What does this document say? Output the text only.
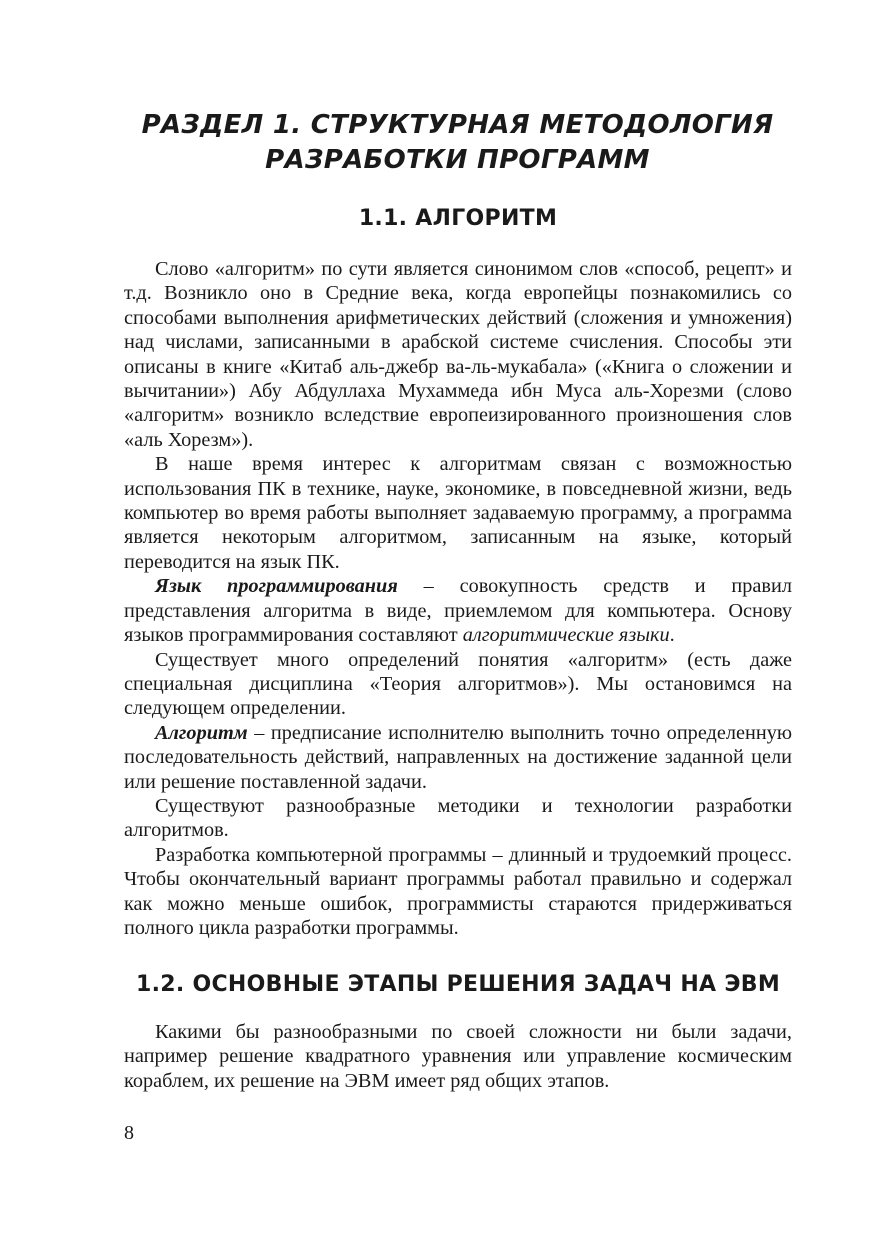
РАЗДЕЛ 1. СТРУКТУРНАЯ МЕТОДОЛОГИЯ
РАЗРАБОТКИ ПРОГРАММ
1.1. АЛГОРИТМ

Слово «алгоритм» по сути является синонимом слов «способ, рецепт» и т.д. Возникло оно в Средние века, когда европейцы познакомились со способами выполнения арифметических действий (сложения и умножения) над числами, записанными в арабской системе счисления. Способы эти описаны в книге «Китаб аль-джебр ва-ль-мукабала» («Книга о сложении и вычитании») Абу Абдуллаха Мухаммеда ибн Муса аль-Хорезми (слово «алгоритм» возникло вследствие европеизированного произношения слов «аль Хорезм»).

В наше время интерес к алгоритмам связан с возможностью использования ПК в технике, науке, экономике, в повседневной жизни, ведь компьютер во время работы выполняет задаваемую программу, а программа является некоторым алгоритмом, записанным на языке, который переводится на язык ПК.

Язык программирования – совокупность средств и правил представления алгоритма в виде, приемлемом для компьютера. Основу языков программирования составляют алгоритмические языки.

Существует много определений понятия «алгоритм» (есть даже специальная дисциплина «Теория алгоритмов»). Мы остановимся на следующем определении.

Алгоритм – предписание исполнителю выполнить точно определенную последовательность действий, направленных на достижение заданной цели или решение поставленной задачи.

Существуют разнообразные методики и технологии разработки алгоритмов.

Разработка компьютерной программы – длинный и трудоемкий процесс. Чтобы окончательный вариант программы работал правильно и содержал как можно меньше ошибок, программисты стараются придерживаться полного цикла разработки программы.

1.2. ОСНОВНЫЕ ЭТАПЫ РЕШЕНИЯ ЗАДАЧ НА ЭВМ

Какими бы разнообразными по своей сложности ни были задачи, например решение квадратного уравнения или управление космическим кораблем, их решение на ЭВМ имеет ряд общих этапов.

8
